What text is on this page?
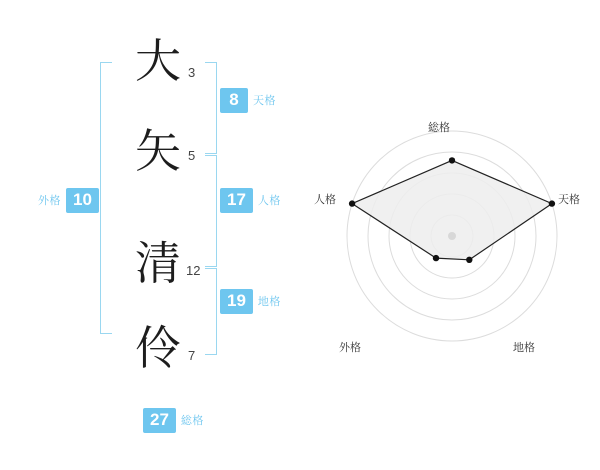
大 3
矢 5
清 12
伶 7
8	天格
17	人格
19	地格
外格 10
27	総格
総格
天格
地格
外格
人格
